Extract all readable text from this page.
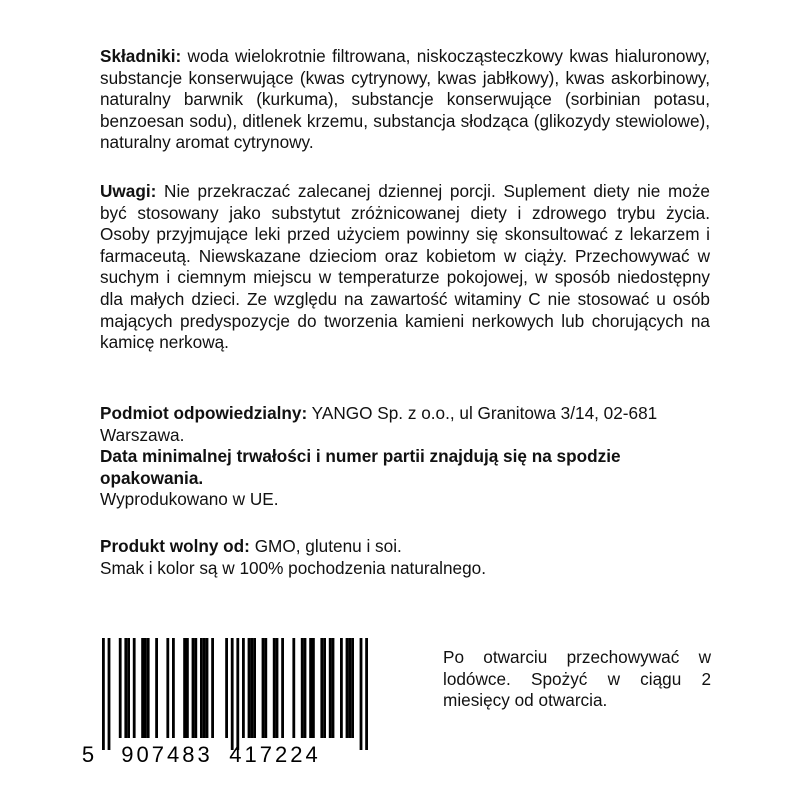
Składniki: woda wielokrotnie filtrowana, niskocząsteczkowy kwas hialuronowy, substancje konserwujące (kwas cytrynowy, kwas jabłkowy), kwas askorbinowy, naturalny barwnik (kurkuma), substancje konserwujące (sorbinian potasu, benzoesan sodu), ditlenek krzemu, substancja słodząca (glikozydy stewiolowe), naturalny aromat cytrynowy.

Uwagi: Nie przekraczać zalecanej dziennej porcji. Suplement diety nie może być stosowany jako substytut zróżnicowanej diety i zdrowego trybu życia. Osoby przyjmujące leki przed użyciem powinny się skonsultować z lekarzem i farmaceutą. Niewskazane dzieciom oraz kobietom w ciąży. Przechowywać w suchym i ciemnym miejscu w temperaturze pokojowej, w sposób niedostępny dla małych dzieci. Ze względu na zawartość witaminy C nie stosować u osób mających predyspozycje do tworzenia kamieni nerkowych lub chorujących na kamicę nerkową.

Podmiot odpowiedzialny: YANGO Sp. z o.o., ul Granitowa 3/14, 02-681 Warszawa.

Data minimalnej trwałości i numer partii znajdują się na spodzie opakowania.

Wyprodukowano w UE.

Produkt wolny od: GMO, glutenu i soi.

Smak i kolor są w 100% pochodzenia naturalnego.

5 907483 417224

Po otwarciu przechowywać w lodówce. Spożyć w ciągu 2 miesięcy od otwarcia.
